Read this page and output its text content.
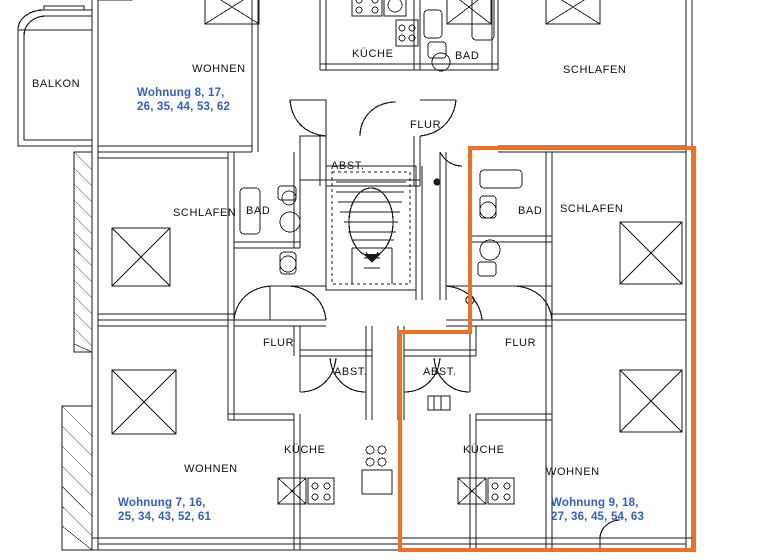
BALKON
WOHNEN
KÜCHE	BAD
SCHLAFEN
FLUR
ABST.
SCHLAFEN BAD	BAD SCHLAFEN
FLUR	FLUR
ABST.	ABST.
KÜCHE	KÜCHE
WOHNEN	WOHNEN
Wohnung 8, 17,
26, 35, 44, 53, 62
Wohnung 7, 16,
25, 34, 43, 52, 61
Wohnung 9, 18,
27, 36, 45, 54, 63
